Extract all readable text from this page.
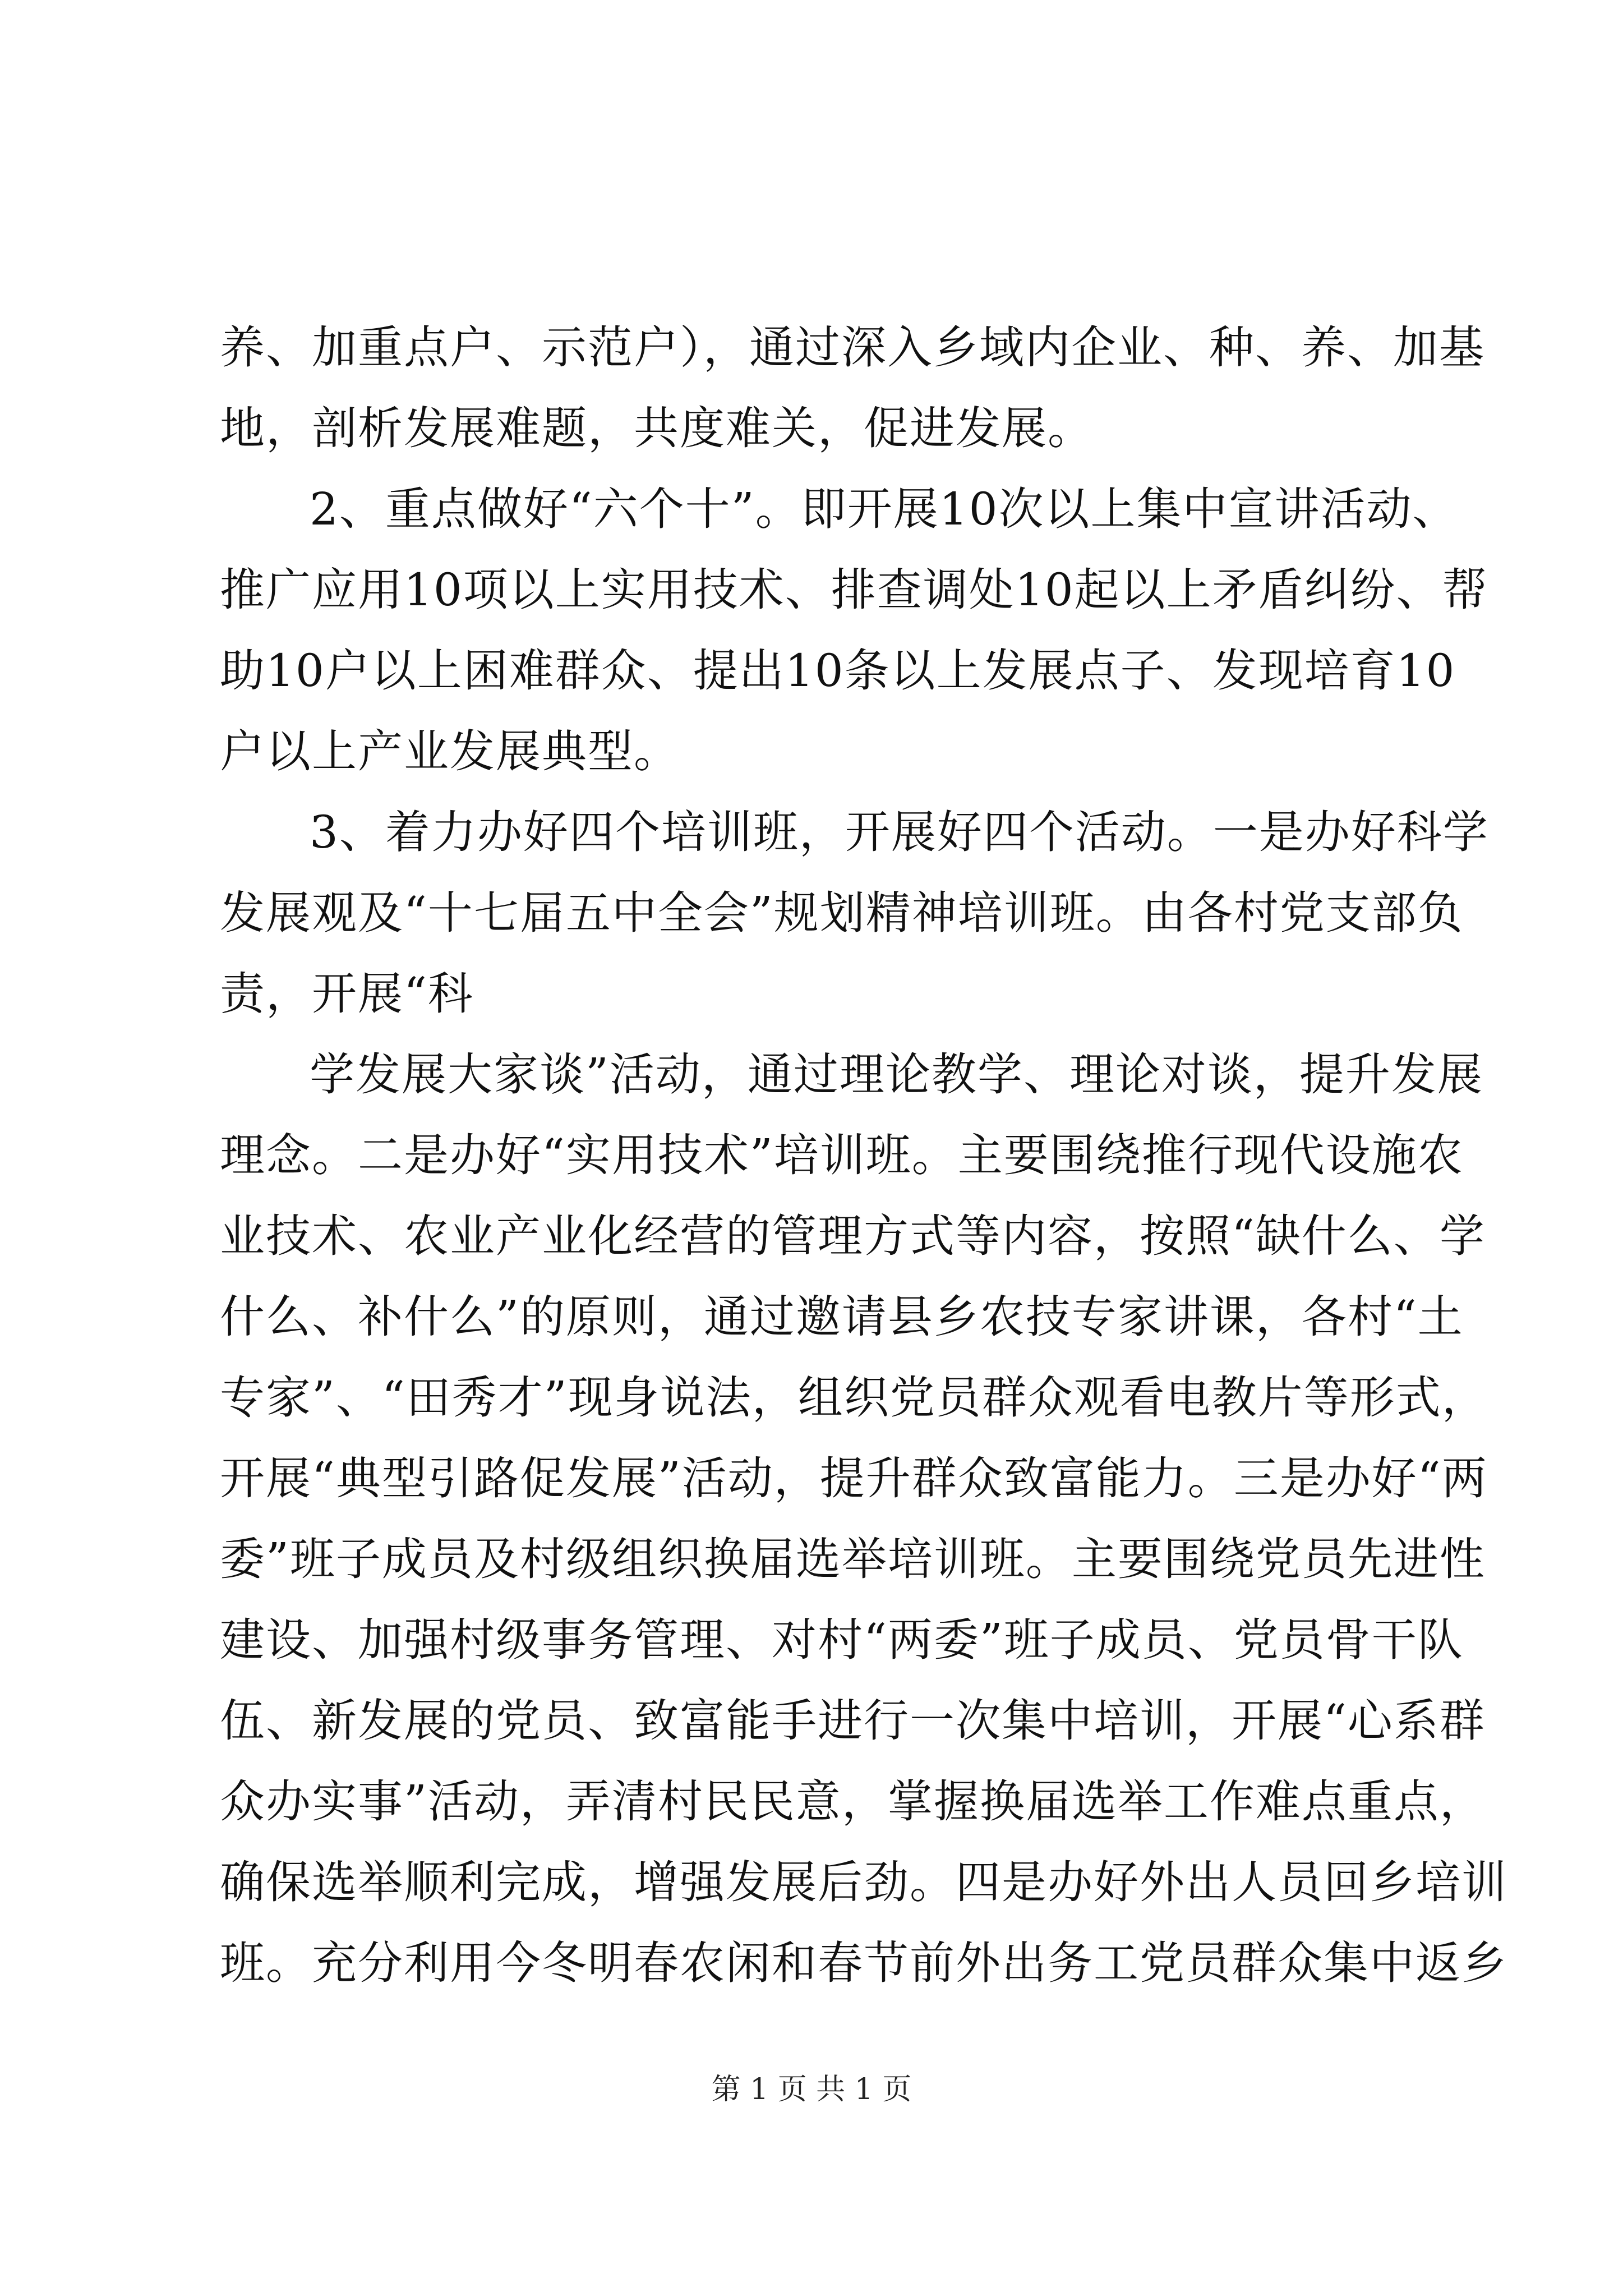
养、加重点户、示范户），通过深入乡域内企业、种、养、加基
地，剖析发展难题，共度难关，促进发展。

2、重点做好“六个十”。即开展10次以上集中宣讲活动、
推广应用10项以上实用技术、排查调处10起以上矛盾纠纷、帮
助10户以上困难群众、提出10条以上发展点子、发现培育10
户以上产业发展典型。

3、着力办好四个培训班，开展好四个活动。一是办好科学
发展观及“十七届五中全会”规划精神培训班。由各村党支部负
责，开展“科

学发展大家谈”活动，通过理论教学、理论对谈，提升发展
理念。二是办好“实用技术”培训班。主要围绕推行现代设施农
业技术、农业产业化经营的管理方式等内容，按照“缺什么、学
什么、补什么”的原则，通过邀请县乡农技专家讲课，各村“土
专家”、“田秀才”现身说法，组织党员群众观看电教片等形式，
开展“典型引路促发展”活动，提升群众致富能力。三是办好“两
委”班子成员及村级组织换届选举培训班。主要围绕党员先进性
建设、加强村级事务管理、对村“两委”班子成员、党员骨干队
伍、新发展的党员、致富能手进行一次集中培训，开展“心系群
众办实事”活动，弄清村民民意，掌握换届选举工作难点重点，
确保选举顺利完成，增强发展后劲。四是办好外出人员回乡培训
班。充分利用今冬明春农闲和春节前外出务工党员群众集中返乡

第 1 页 共 1 页
